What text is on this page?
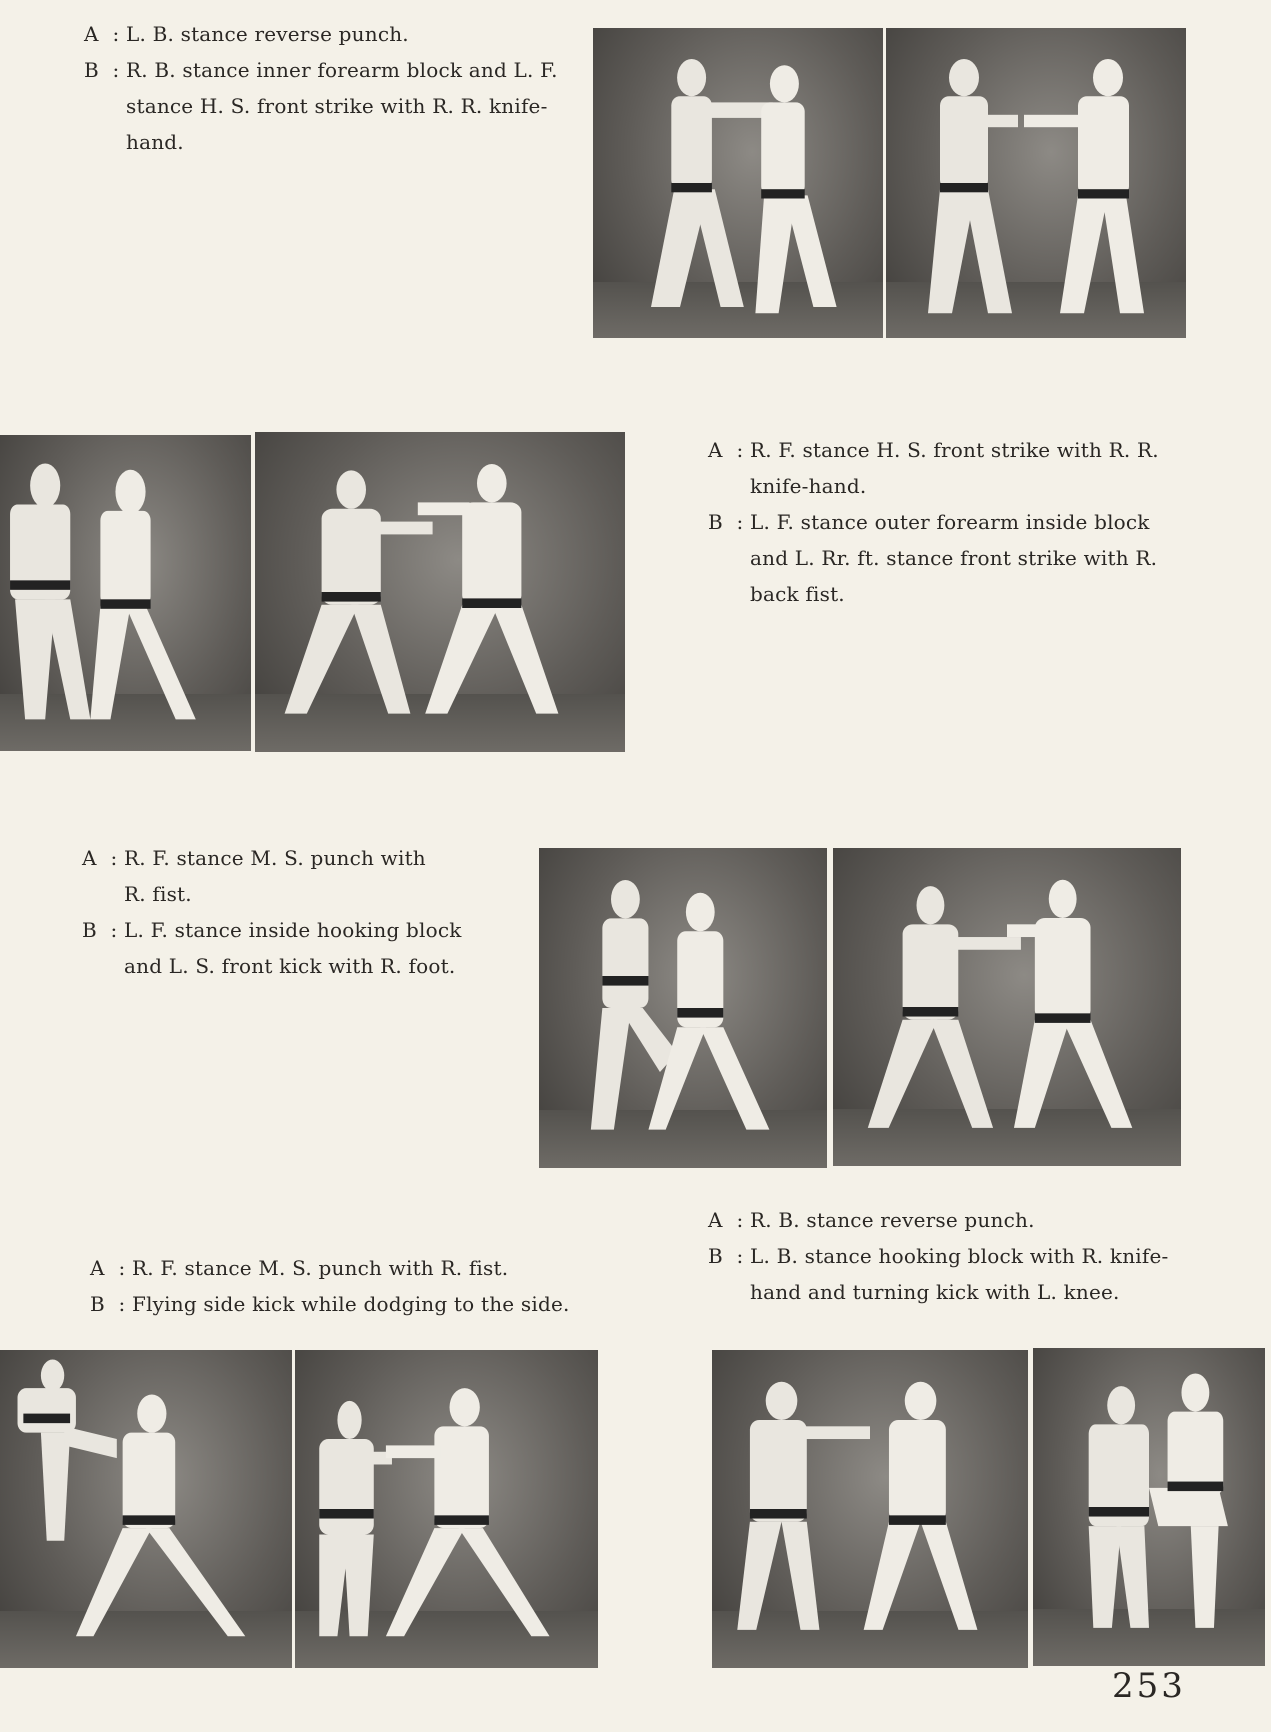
A : L. B. stance reverse punch.
B : R. B. stance inner forearm block and L. F.
stance H. S. front strike with R. R. knife-
hand.
A : R. F. stance H. S. front strike with R. R.
knife-hand.
B : L. F. stance outer forearm inside block
and L. Rr. ft. stance front strike with R.
back fist.
A : R. F. stance M. S. punch with
R. fist.
B : L. F. stance inside hooking block
and L. S. front kick with R. foot.
A : R. B. stance reverse punch.
B : L. B. stance hooking block with R. knife-
hand and turning kick with L. knee.
A : R. F. stance M. S. punch with R. fist.
B : Flying side kick while dodging to the side.
253
